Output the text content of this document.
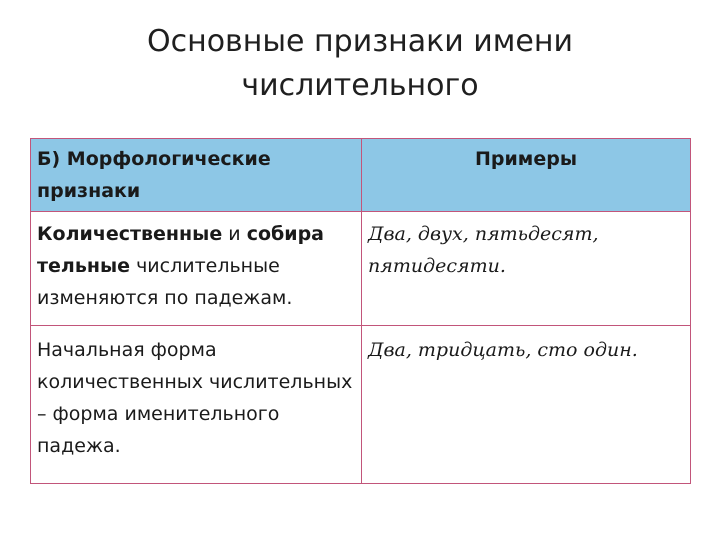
Основные признаки имени
числительного
Б) Морфологические признаки	Примеры
Количественные и собира тельные числительные изменяются по падежам.	Два, двух, пятьдесят, пятидесяти.
Начальная форма количественных числительных – форма именительного падежа.	Два, тридцать, сто один.
